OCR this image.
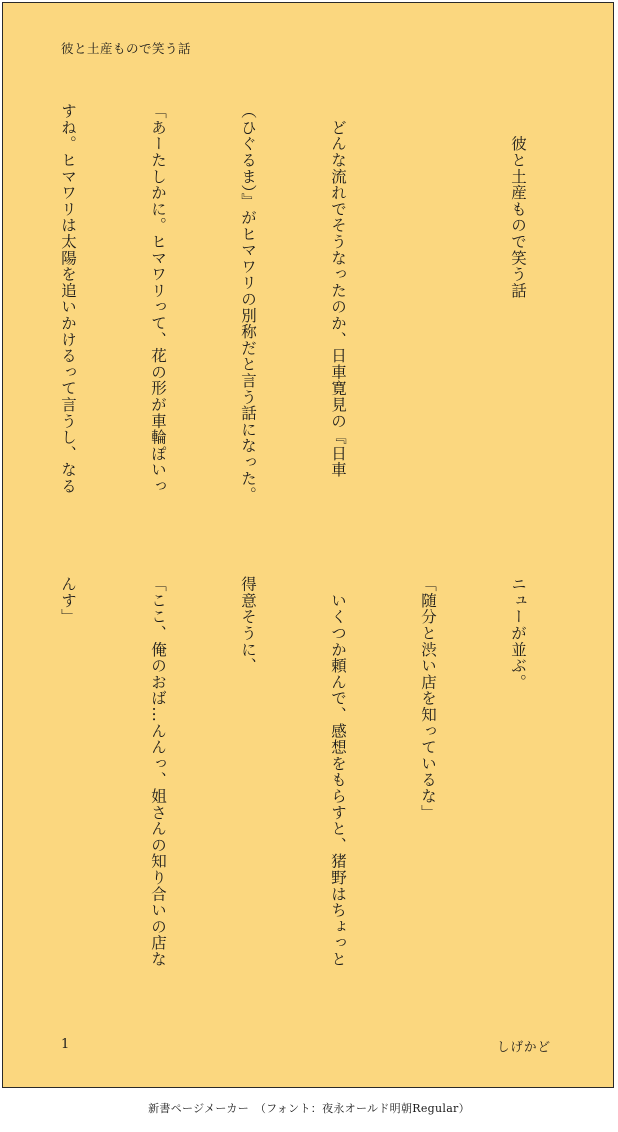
彼と土産もので笑う話

　　彼と土産もので笑う話

　どんな流れでそうなったのか、日車寛見の『日車

（ひぐるま）』がヒマワリの別称だと言う話になった。

「あーたしかに。ヒマワリって、花の形が車輪ぽいっ

すね。ヒマワリは太陽を追いかけるって言うし、なる

ニューが並ぶ。

「随分と渋い店を知っているな」

　いくつか頼んで、感想をもらすと、猪野はちょっと

得意そうに、

「ここ、俺のおば…んんっ、姐さんの知り合いの店な

んす」

1	しげかど
新書ページメーカー　（フォント：夜永オールド明朝Regular）
